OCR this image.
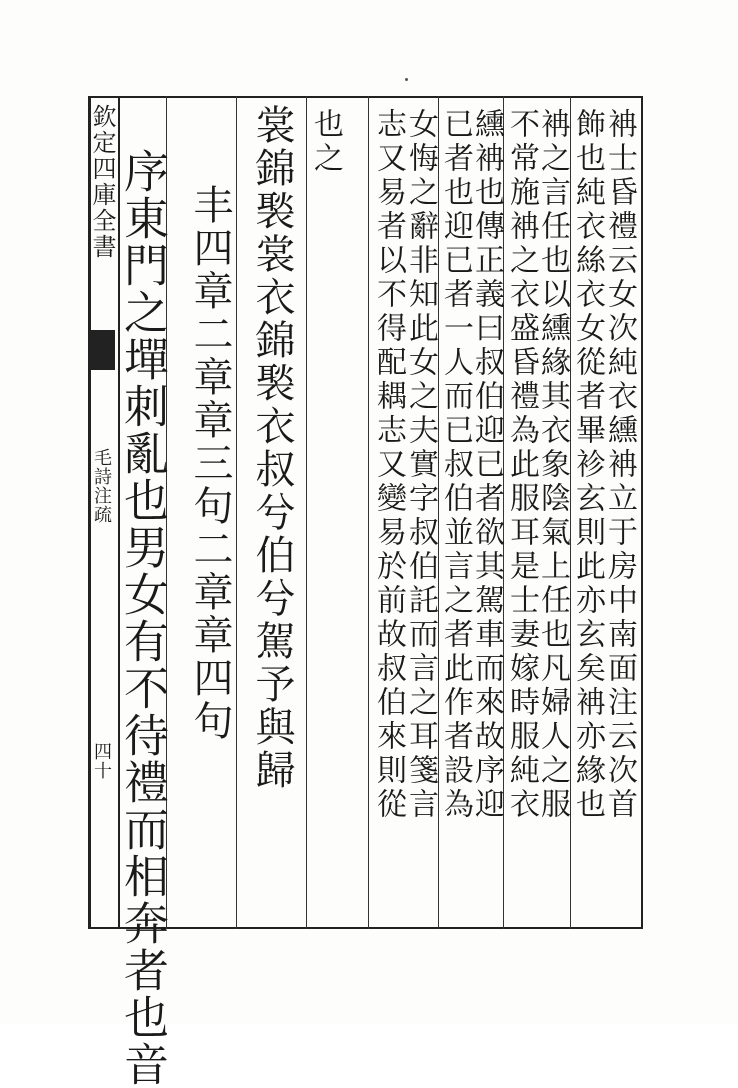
欽定四庫全書
毛詩注疏
四十 序東門之墠刺亂也男女有不待禮而相奔者也音 丰四章二章章三句二章章四句 裳錦褧裳衣錦褧衣叔兮伯兮駕予與歸 也之 志又易者以不得配耦志又變易於前故叔伯來則從
女悔之辭非知此女之夫實字叔伯託而言之耳箋言 已者也迎已者一人而已叔伯並言之者此作者設為
纁袡也傳正義曰叔伯迎已者欲其駕車而來故序迎 不常施袡之衣盛昏禮為此服耳是士妻嫁時服純衣
袡之言任也以纁緣其衣象陰氣上任也凡婦人之服 飾也純衣絲衣女從者畢袗玄則此亦玄矣袡亦緣也
袡士昏禮云女次純衣纁袡立于房中南面注云次首
